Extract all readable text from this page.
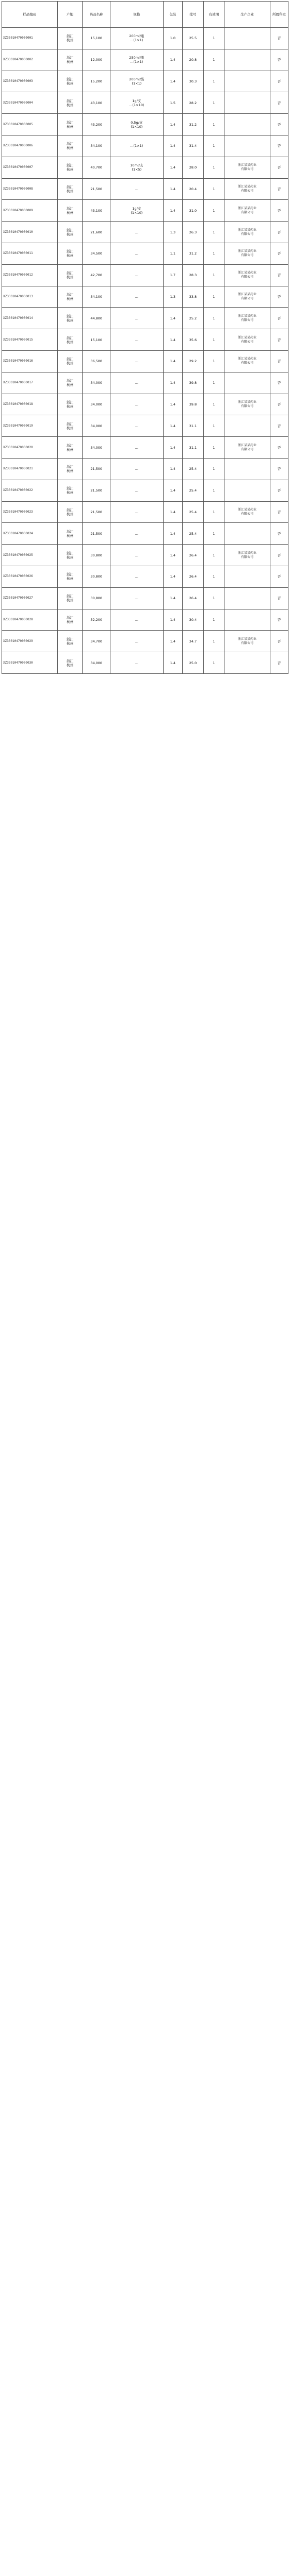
样品编码	产地	药品名称	规格	包装	批号	有效期	生产企业	所属科室
XZ33010470000001	浙江
杭州	15,100	200ml/瓶
...(1×1)	1.0	25.5	1		否
XZ33010470000002	浙江
杭州	12,000	250ml/瓶
...(1×1)	1.4	20.8	1		否
XZ33010470000003	浙江
杭州	15,200	200ml/袋
(1×1)	1.4	30.3	1		否
XZ33010470000004	浙江
杭州	43,100	1g/支
...(1×10)	1.5	28.2	1		否
XZ33010470000005	浙江
杭州	43,200	0.5g/支
(1×10)	1.4	31.2	1		否
XZ33010470000006	浙江
杭州	34,100	...(1×1)	1.4	31.4	1		否
XZ33010470000007	浙江
杭州	40,700	10ml/支
(1×5)	1.4	28.0	1	浙江某某药业
有限公司	否
XZ33010470000008	浙江
杭州	21,500	...	1.4	20.4	1	浙江某某药业
有限公司	否
XZ33010470000009	浙江
杭州	43,100	1g/支
(1×10)	1.4	31.0	1	浙江某某药业
有限公司	否
XZ33010470000010	浙江
杭州	21,600	...	1.3	26.3	1	浙江某某药业
有限公司	否
XZ33010470000011	浙江
杭州	34,500	...	1.1	31.2	1	浙江某某药业
有限公司	否
XZ33010470000012	浙江
杭州	42,700	...	1.7	28.3	1	浙江某某药业
有限公司	否
XZ33010470000013	浙江
杭州	34,100	...	1.3	33.8	1	浙江某某药业
有限公司	否
XZ33010470000014	浙江
杭州	44,800	...	1.4	25.2	1	浙江某某药业
有限公司	否
XZ33010470000015	浙江
杭州	15,100	...	1.4	35.6	1	浙江某某药业
有限公司	否
XZ33010470000016	浙江
杭州	36,500	...	1.4	29.2	1	浙江某某药业
有限公司	否
XZ33010470000017	浙江
杭州	34,000	...	1.4	39.8	1		否
XZ33010470000018	浙江
杭州	34,000	...	1.4	39.8	1	浙江某某药业
有限公司	否
XZ33010470000019	浙江
杭州	34,000	...	1.4	31.1	1		否
XZ33010470000020	浙江
杭州	34,000	...	1.4	31.1	1	浙江某某药业
有限公司	否
XZ33010470000021	浙江
杭州	21,500	...	1.4	25.4	1		否
XZ33010470000022	浙江
杭州	21,500	...	1.4	25.4	1		否
XZ33010470000023	浙江
杭州	21,500	...	1.4	25.4	1	浙江某某药业
有限公司	否
XZ33010470000024	浙江
杭州	21,500	...	1.4	25.4	1		否
XZ33010470000025	浙江
杭州	30,800	...	1.4	26.4	1	浙江某某药业
有限公司	否
XZ33010470000026	浙江
杭州	30,800	...	1.4	26.4	1		否
XZ33010470000027	浙江
杭州	30,800	...	1.4	26.4	1		否
XZ33010470000028	浙江
杭州	32,200	...	1.4	30.4	1		否
XZ33010470000029	浙江
杭州	34,700	...	1.4	34.7	1	浙江某某药业
有限公司	否
XZ33010470000030	浙江
杭州	34,000	...	1.4	25.0	1		否
